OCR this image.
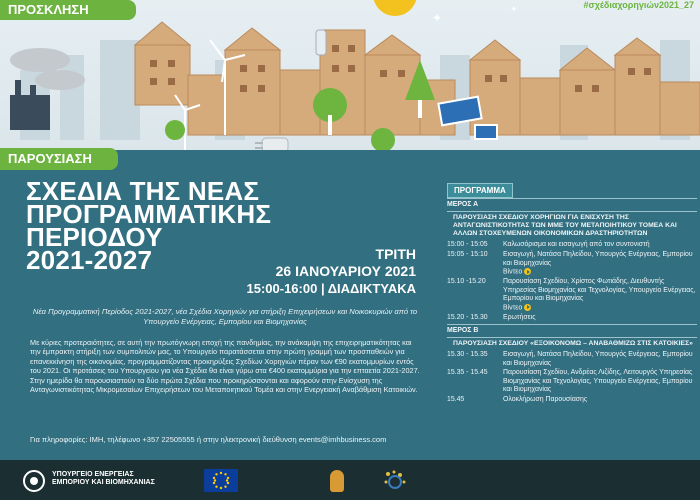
✦
✦
ΠΡΟΣΚΛΗΣΗ	#σχέδιαχορηγιών2021_27
ΠΑΡΟΥΣΙΑΣΗ
ΣΧΕΔΙΑ ΤΗΣ ΝΕΑΣ
ΠΡΟΓΡΑΜΜΑΤΙΚΗΣ
ΠΕΡΙΟΔΟΥ
2021-2027	ΤΡΙΤΗ
26 ΙΑΝΟΥΑΡΙΟΥ 2021
15:00-16:00 | ΔΙΑΔΙΚΤΥΑΚΑ
Νέα Προγραμματική Περίοδος 2021-2027, νέα Σχέδια Χορηγιών για στήριξη Επιχειρήσεων και Νοικοκυριών από το Υπουργείο Ενέργειας, Εμπορίου και Βιομηχανίας
Με κύριες προτεραιότητες, σε αυτή την πρωτόγνωρη εποχή της πανδημίας, την ανάκαμψη της επιχειρηματικότητας και την έμπρακτη στήριξη των συμπολιτών μας, το Υπουργείο παρατάσσεται στην πρώτη γραμμή των προσπαθειών για επανεκκίνηση της οικονομίας, προγραμματίζοντας προκηρύξεις Σχεδίων Χορηγιών πέραν των €90 εκατομμυρίων εντός του 2021. Οι προτάσεις του Υπουργείου για νέα Σχέδια θα είναι γύρω στα €400 εκατομμύρια για την επταετία 2021-2027. Στην ημερίδα θα παρουσιαστούν τα δύο πρώτα Σχέδια που προκηρύσσονται και αφορούν στην Ενίσχυση της Ανταγωνιστικότητας Μικρομεσαίων Επιχειρήσεων του Μεταποιητικού Τομέα και στην Ενεργειακή Αναβάθμιση Κατοικιών.
Για πληροφορίες: ΙΜΗ, τηλέφωνο +357 22505555 ή στην ηλεκτρονική διεύθυνση events@imhbusiness.com
ΠΡΟΓΡΑΜΜΑ
ΜΕΡΟΣ Α
ΠΑΡΟΥΣΙΑΣΗ ΣΧΕΔΙΟΥ ΧΟΡΗΓΙΩΝ ΓΙΑ ΕΝΙΣΧΥΣΗ ΤΗΣ ΑΝΤΑΓΩΝΙΣΤΙΚΟΤΗΤΑΣ ΤΩΝ ΜΜΕ ΤΟΥ ΜΕΤΑΠΟΙΗΤΙΚΟΥ ΤΟΜΕΑ ΚΑΙ ΑΛΛΩΝ ΣΤΟΧΕΥΜΕΝΩΝ ΟΙΚΟΝΟΜΙΚΩΝ ΔΡΑΣΤΗΡΙΟΤΗΤΩΝ
15:00 - 15:05	Καλωσόρισμα και εισαγωγή από τον συντονιστή
15:05 - 15:10	Εισαγωγή, Νατάσα Πηλείδου, Υπουργός Ενέργειας, Εμπορίου και Βιομηχανίας
Βίντεο
15.10 -15.20	Παρουσίαση Σχεδίου, Χρίστος Φωτιάδης, Διευθυντής Υπηρεσίας Βιομηχανίας και Τεχνολογίας, Υπουργείο Ενέργειας, Εμπορίου και Βιομηχανίας
Βίντεο
15.20 - 15.30	Ερωτήσεις
ΜΕΡΟΣ Β
ΠΑΡΟΥΣΙΑΣΗ ΣΧΕΔΙΟΥ «ΕΞΟΙΚΟΝΟΜΩ – ΑΝΑΒΑΘΜΙΖΩ ΣΤΙΣ ΚΑΤΟΙΚΙΕΣ»
15.30 - 15.35	Εισαγωγή, Νατάσα Πηλείδου, Υπουργός Ενέργειας, Εμπορίου και Βιομηχανίας
15.35 - 15.45	Παρουσίαση Σχεδίου, Ανδρέας Λιζίδης, Λειτουργός Υπηρεσίας Βιομηχανίας και Τεχνολογίας, Υπουργείο Ενέργειας, Εμπορίου και Βιομηχανίας
15.45	Ολοκλήρωση Παρουσίασης
ΥΠΟΥΡΓΕΙΟ ΕΝΕΡΓΕΙΑΣ
ΕΜΠΟΡΙΟΥ ΚΑΙ ΒΙΟΜΗΧΑΝΙΑΣ
